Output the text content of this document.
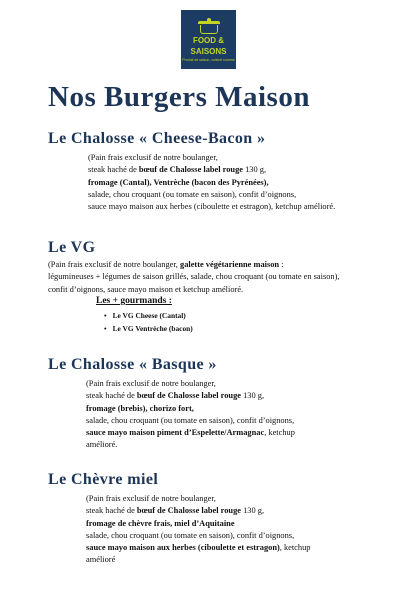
FOOD &
SAISONS
Produit de saison, cuisiné comme
Nos Burgers Maison
Le Chalosse « Cheese-Bacon »
(Pain frais exclusif de notre boulanger,
steak haché de bœuf de Chalosse label rouge 130 g,
fromage (Cantal), Ventrèche (bacon des Pyrénées),
salade, chou croquant (ou tomate en saison), confit d’oignons,
sauce mayo maison aux herbes (ciboulette et estragon), ketchup amélioré.
Le VG
(Pain frais exclusif de notre boulanger, galette végétarienne maison :
légumineuses + légumes de saison grillés, salade, chou croquant (ou tomate en saison),
confit d’oignons, sauce mayo maison et ketchup amélioré.
Les + gourmands :
• Le VG Cheese (Cantal)
• Le VG Ventrèche (bacon)
Le Chalosse « Basque »
(Pain frais exclusif de notre boulanger,
steak haché de bœuf de Chalosse label rouge 130 g,
fromage (brebis), chorizo fort,
salade, chou croquant (ou tomate en saison), confit d’oignons,
sauce mayo maison piment d’Espelette/Armagnac, ketchup
amélioré.
Le Chèvre miel
(Pain frais exclusif de notre boulanger,
steak haché de bœuf de Chalosse label rouge 130 g,
fromage de chèvre frais, miel d’Aquitaine
salade, chou croquant (ou tomate en saison), confit d’oignons,
sauce mayo maison aux herbes (ciboulette et estragon), ketchup
amélioré
